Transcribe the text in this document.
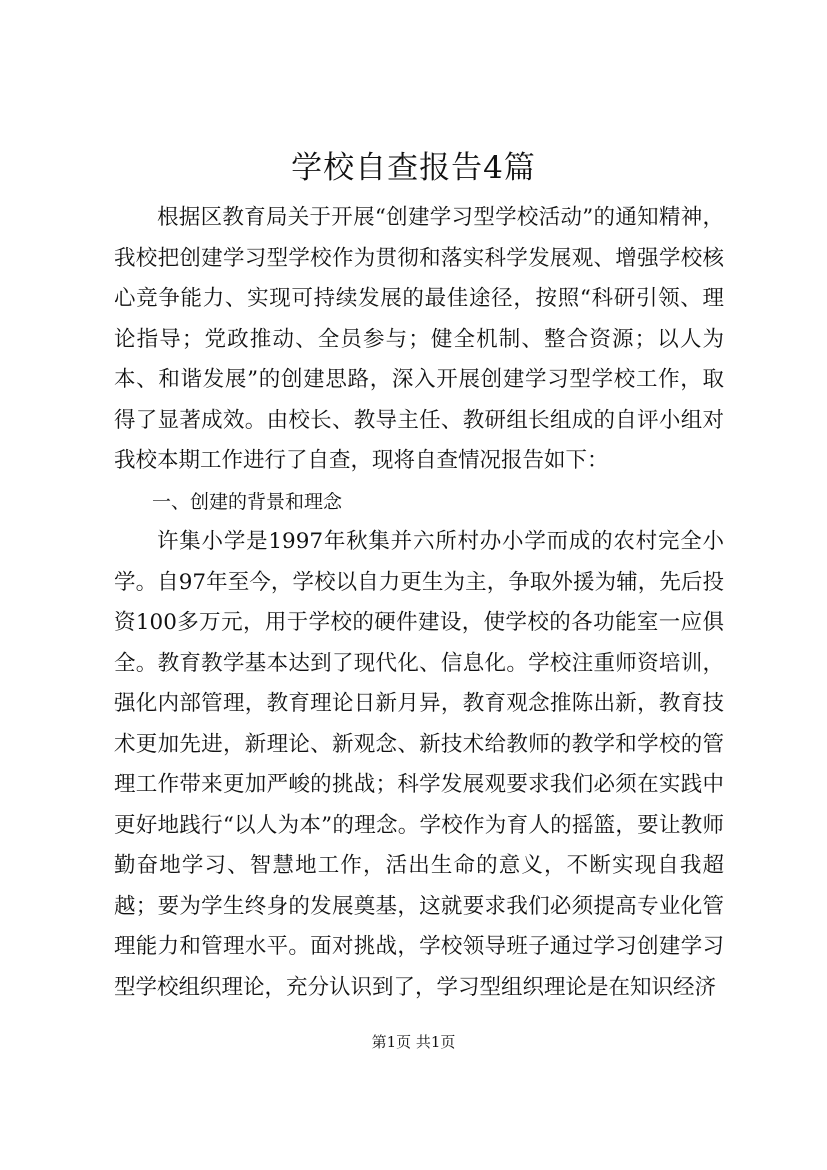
学校自查报告4篇

根据区教育局关于开展“创建学习型学校活动”的通知精神，我校把创建学习型学校作为贯彻和落实科学发展观、增强学校核心竞争能力、实现可持续发展的最佳途径，按照“科研引领、理论指导；党政推动、全员参与；健全机制、整合资源；以人为本、和谐发展”的创建思路，深入开展创建学习型学校工作，取得了显著成效。由校长、教导主任、教研组长组成的自评小组对我校本期工作进行了自查，现将自查情况报告如下：

一、创建的背景和理念

许集小学是1997年秋集并六所村办小学而成的农村完全小学。自97年至今，学校以自力更生为主，争取外援为辅，先后投资100多万元，用于学校的硬件建设，使学校的各功能室一应俱全。教育教学基本达到了现代化、信息化。学校注重师资培训，强化内部管理，教育理论日新月异，教育观念推陈出新，教育技术更加先进，新理论、新观念、新技术给教师的教学和学校的管理工作带来更加严峻的挑战；科学发展观要求我们必须在实践中更好地践行“以人为本”的理念。学校作为育人的摇篮，要让教师勤奋地学习、智慧地工作，活出生命的意义，不断实现自我超越；要为学生终身的发展奠基，这就要求我们必须提高专业化管理能力和管理水平。面对挑战，学校领导班子通过学习创建学习型学校组织理论，充分认识到了，学习型组织理论是在知识经济

第1页 共1页
